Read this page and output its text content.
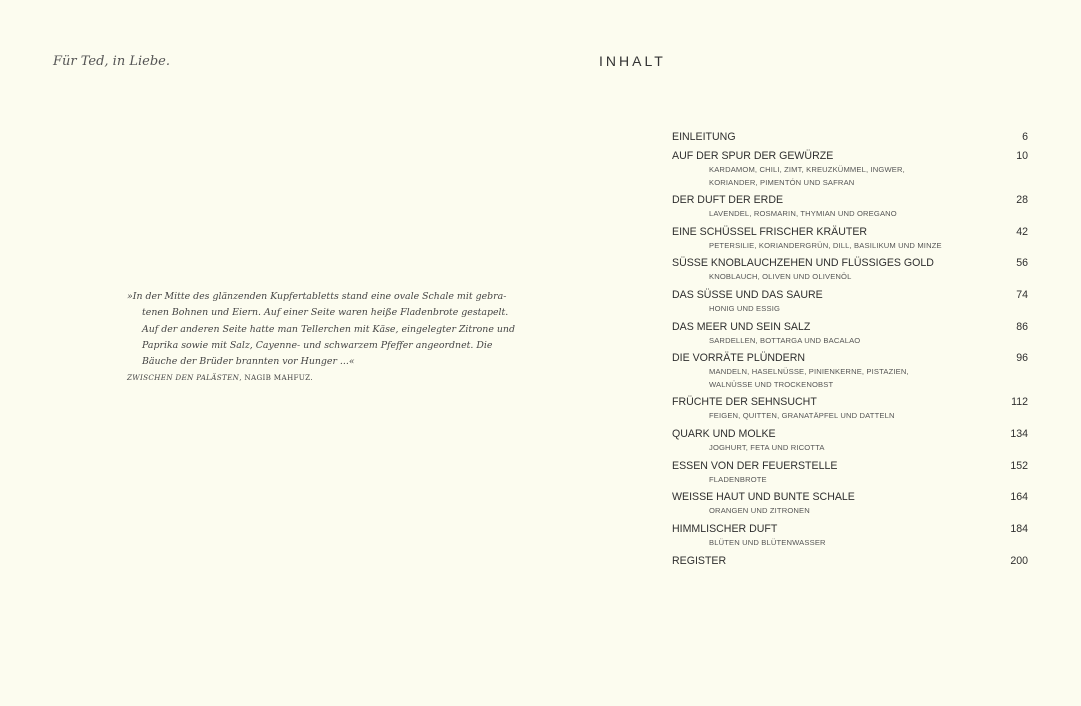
Für Ted, in Liebe.
»In der Mitte des glänzenden Kupfertabletts stand eine ovale Schale mit gebra-
tenen Bohnen und Eiern. Auf einer Seite waren heiße Fladenbrote gestapelt.
Auf der anderen Seite hatte man Tellerchen mit Käse, eingelegter Zitrone und
Paprika sowie mit Salz, Cayenne- und schwarzem Pfeffer angeordnet. Die
Bäuche der Brüder brannten vor Hunger ...«
ZWISCHEN DEN PALÄSTEN, NAGIB MAHFUZ.
INHALT
EINLEITUNG	6
AUF DER SPUR DER GEWÜRZE	10
KARDAMOM, CHILI, ZIMT, KREUZKÜMMEL, INGWER,
KORIANDER, PIMENTÓN UND SAFRAN
DER DUFT DER ERDE	28
LAVENDEL, ROSMARIN, THYMIAN UND OREGANO
EINE SCHÜSSEL FRISCHER KRÄUTER	42
PETERSILIE, KORIANDERGRÜN, DILL, BASILIKUM UND MINZE
SÜSSE KNOBLAUCHZEHEN UND FLÜSSIGES GOLD	56
KNOBLAUCH, OLIVEN UND OLIVENÖL
DAS SÜSSE UND DAS SAURE	74
HONIG UND ESSIG
DAS MEER UND SEIN SALZ	86
SARDELLEN, BOTTARGA UND BACALAO
DIE VORRÄTE PLÜNDERN	96
MANDELN, HASELNÜSSE, PINIENKERNE, PISTAZIEN,
WALNÜSSE UND TROCKENOBST
FRÜCHTE DER SEHNSUCHT	112
FEIGEN, QUITTEN, GRANATÄPFEL UND DATTELN
QUARK UND MOLKE	134
JOGHURT, FETA UND RICOTTA
ESSEN VON DER FEUERSTELLE	152
FLADENBROTE
WEISSE HAUT UND BUNTE SCHALE	164
ORANGEN UND ZITRONEN
HIMMLISCHER DUFT	184
BLÜTEN UND BLÜTENWASSER
REGISTER	200
